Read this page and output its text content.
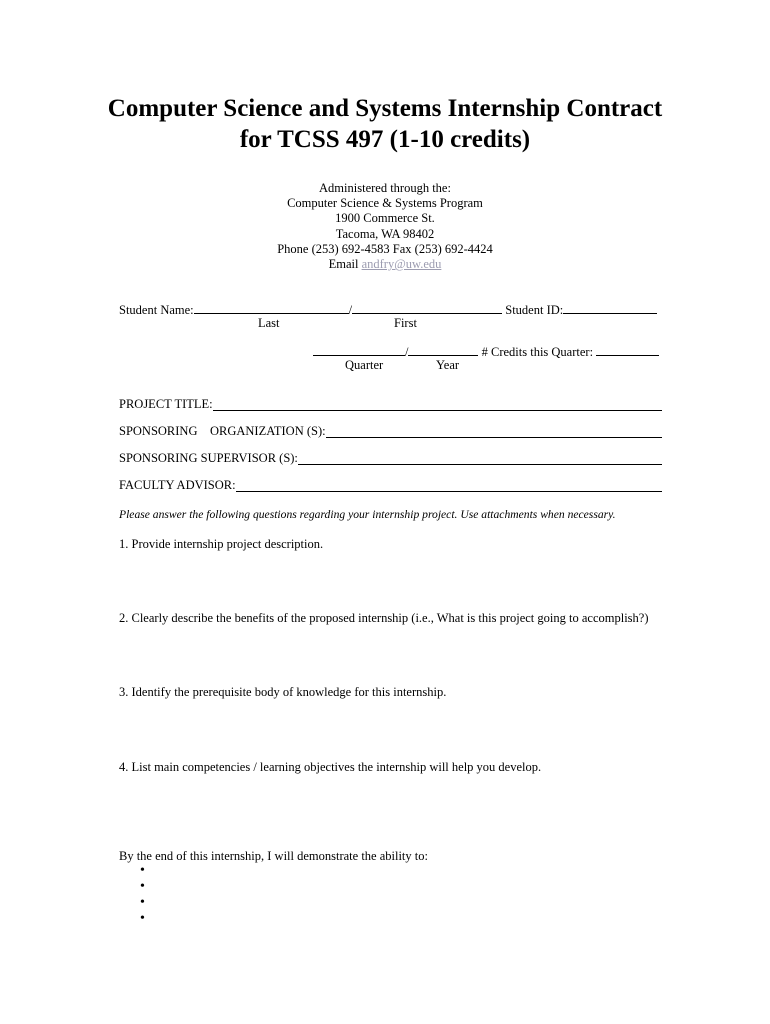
Computer Science and Systems Internship Contract
for TCSS 497 (1-10 credits)
Administered through the:
Computer Science & Systems Program
1900 Commerce St.
Tacoma, WA 98402
Phone (253) 692-4583 Fax (253) 692-4424
Email andfry@uw.edu
Student Name:	/	Student ID:
Last	First
/	# Credits this Quarter:
Quarter	Year
PROJECT TITLE:
SPONSORING    ORGANIZATION (S):
SPONSORING SUPERVISOR (S):
FACULTY ADVISOR:
Please answer the following questions regarding your internship project. Use attachments when necessary.
1. Provide internship project description.
2. Clearly describe the benefits of the proposed internship (i.e., What is this project going to accomplish?)
3. Identify the prerequisite body of knowledge for this internship.
4. List main competencies / learning objectives the internship will help you develop.
By the end of this internship, I will demonstrate the ability to:
•
•
•
•
